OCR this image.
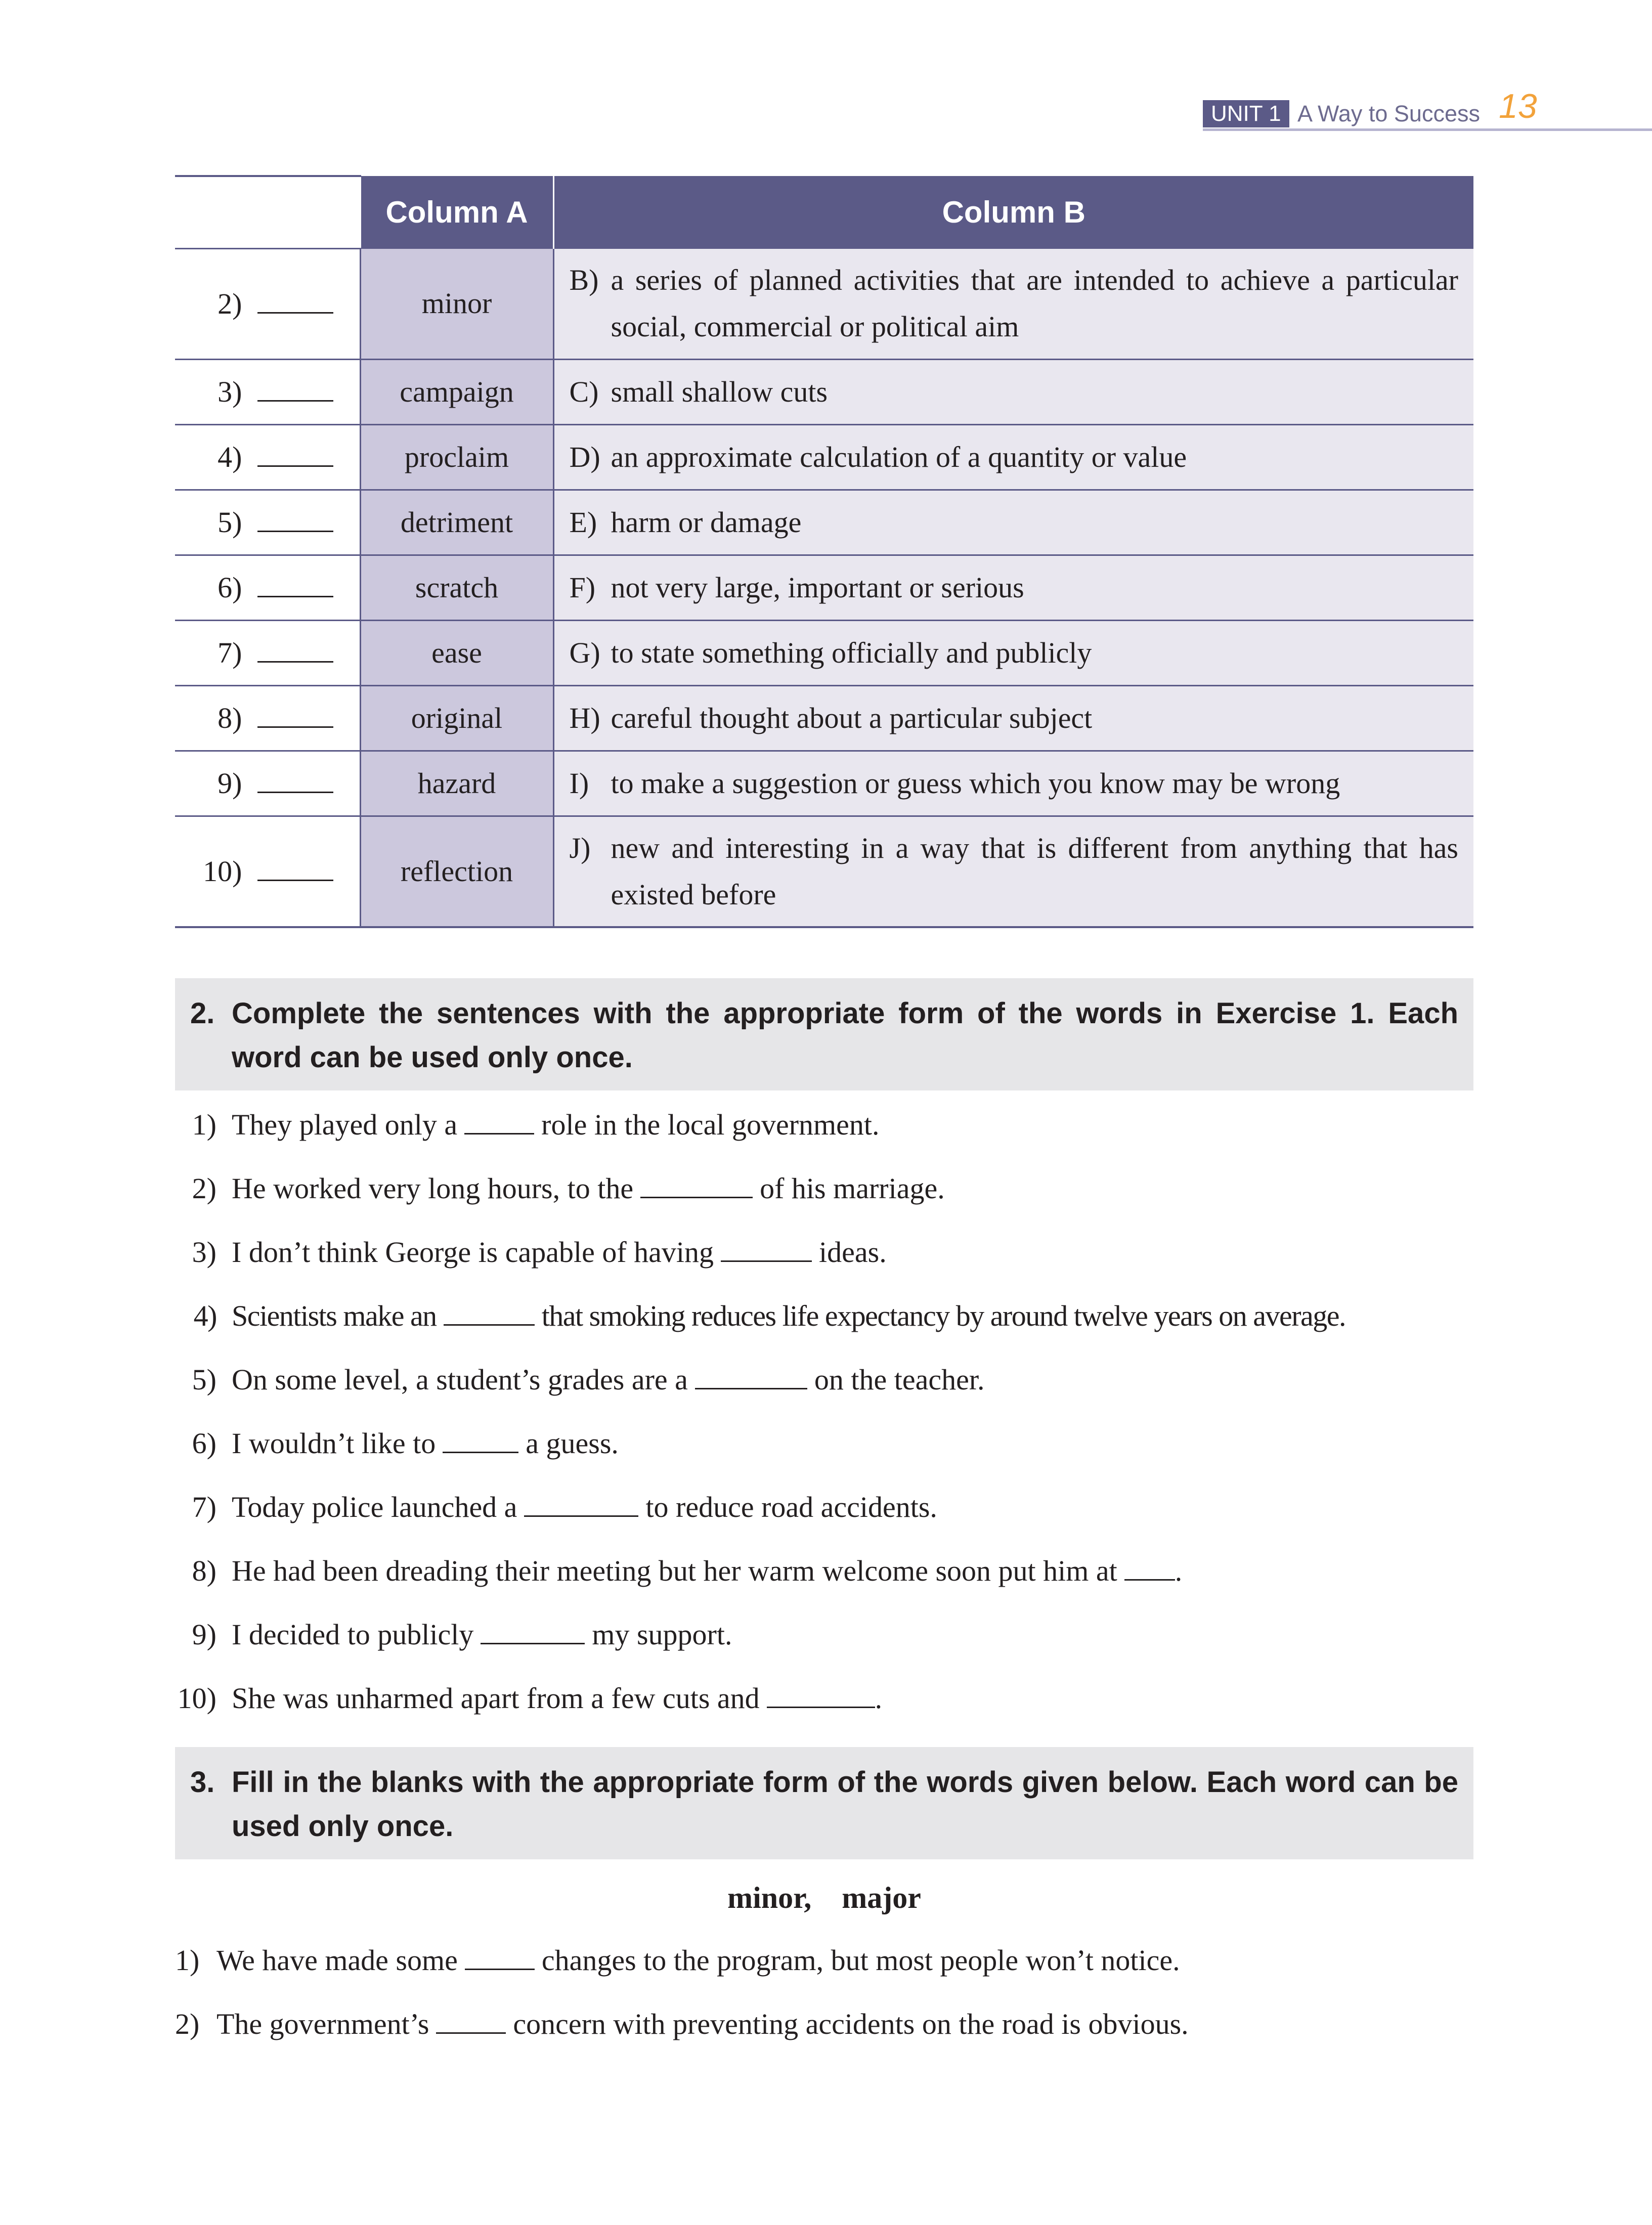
UNIT 1 A Way to Success 13
	Column A	Column B
2)	minor	B) a series of planned activities that are intended to achieve a particular social, commercial or political aim

3)	campaign	C) small shallow cuts

4)	proclaim	D) an approximate calculation of a quantity or value

5)	detriment	E) harm or damage

6)	scratch	F) not very large, important or serious

7)	ease	G) to state something officially and publicly

8)	original	H) careful thought about a particular subject

9)	hazard	I) to make a suggestion or guess which you know may be wrong

10)	reflection	J) new and interesting in a way that is different from anything that has existed before
2. Complete the sentences with the appropriate form of the words in Exercise 1. Each word can be used only once.
1) They played only a	role in the local government.
2) He worked very long hours, to the	of his marriage.
3) I don’t think George is capable of having	ideas.
4) Scientists make an	that smoking reduces life expectancy by around twelve years on average.
5) On some level, a student’s grades are a	on the teacher.
6) I wouldn’t like to	a guess.
7) Today police launched a	to reduce road accidents.
8) He had been dreading their meeting but her warm welcome soon put him at .
9) I decided to publicly	my support.
10) She was unharmed apart from a few cuts and	.
3. Fill in the blanks with the appropriate form of the words given below. Each word can be used only once.
minor,    major
1) We have made some	changes to the program, but most people won’t notice.
2) The government’s	concern with preventing accidents on the road is obvious.
